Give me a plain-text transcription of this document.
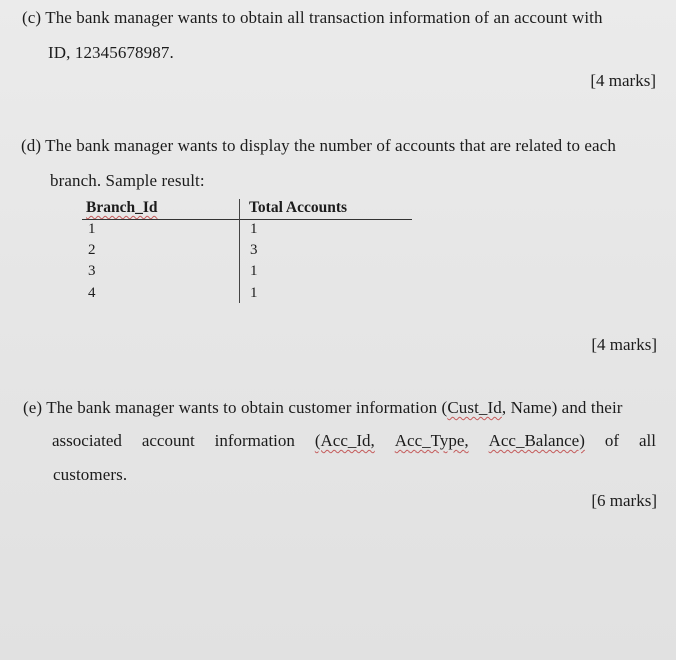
(c) The bank manager wants to obtain all transaction information of an account with
ID, 12345678987.
[4 marks]
(d) The bank manager wants to display the number of accounts that are related to each
branch. Sample result:
Branch_Id	Total Accounts
1	1
2	3
3	1
4	1
[4 marks]
(e) The bank manager wants to obtain customer information (Cust_Id, Name) and their
associated account information (Acc_Id, Acc_Type, Acc_Balance) of all
customers.
[6 marks]
